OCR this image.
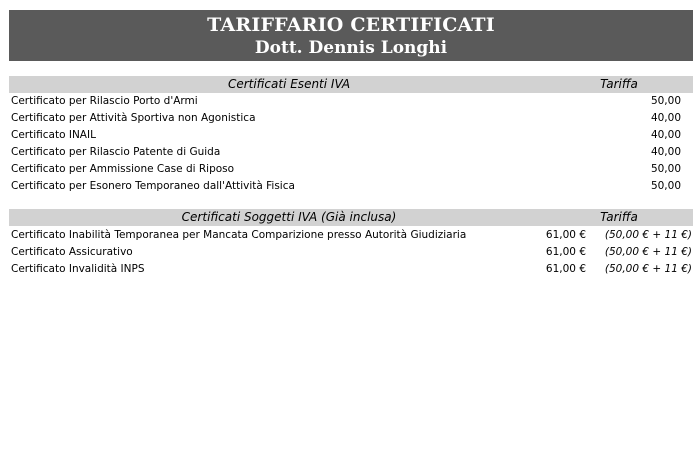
TARIFFARIO CERTIFICATI
Dott. Dennis Longhi
Certificati Esenti IVA	Tariffa
Certificato per Rilascio Porto d'Armi	50,00
Certificato per Attività Sportiva non Agonistica	40,00
Certificato INAIL	40,00
Certificato per Rilascio Patente di Guida	40,00
Certificato per Ammissione Case di Riposo	50,00
Certificato per Esonero Temporaneo dall'Attività Fisica	50,00
Certificati Soggetti IVA (Già inclusa)	Tariffa
Certificato Inabilità Temporanea per Mancata Comparizione presso Autorità Giudiziaria	61,00 €	(50,00 € + 11 €)
Certificato Assicurativo	61,00 €	(50,00 € + 11 €)
Certificato Invalidità INPS	61,00 €	(50,00 € + 11 €)
